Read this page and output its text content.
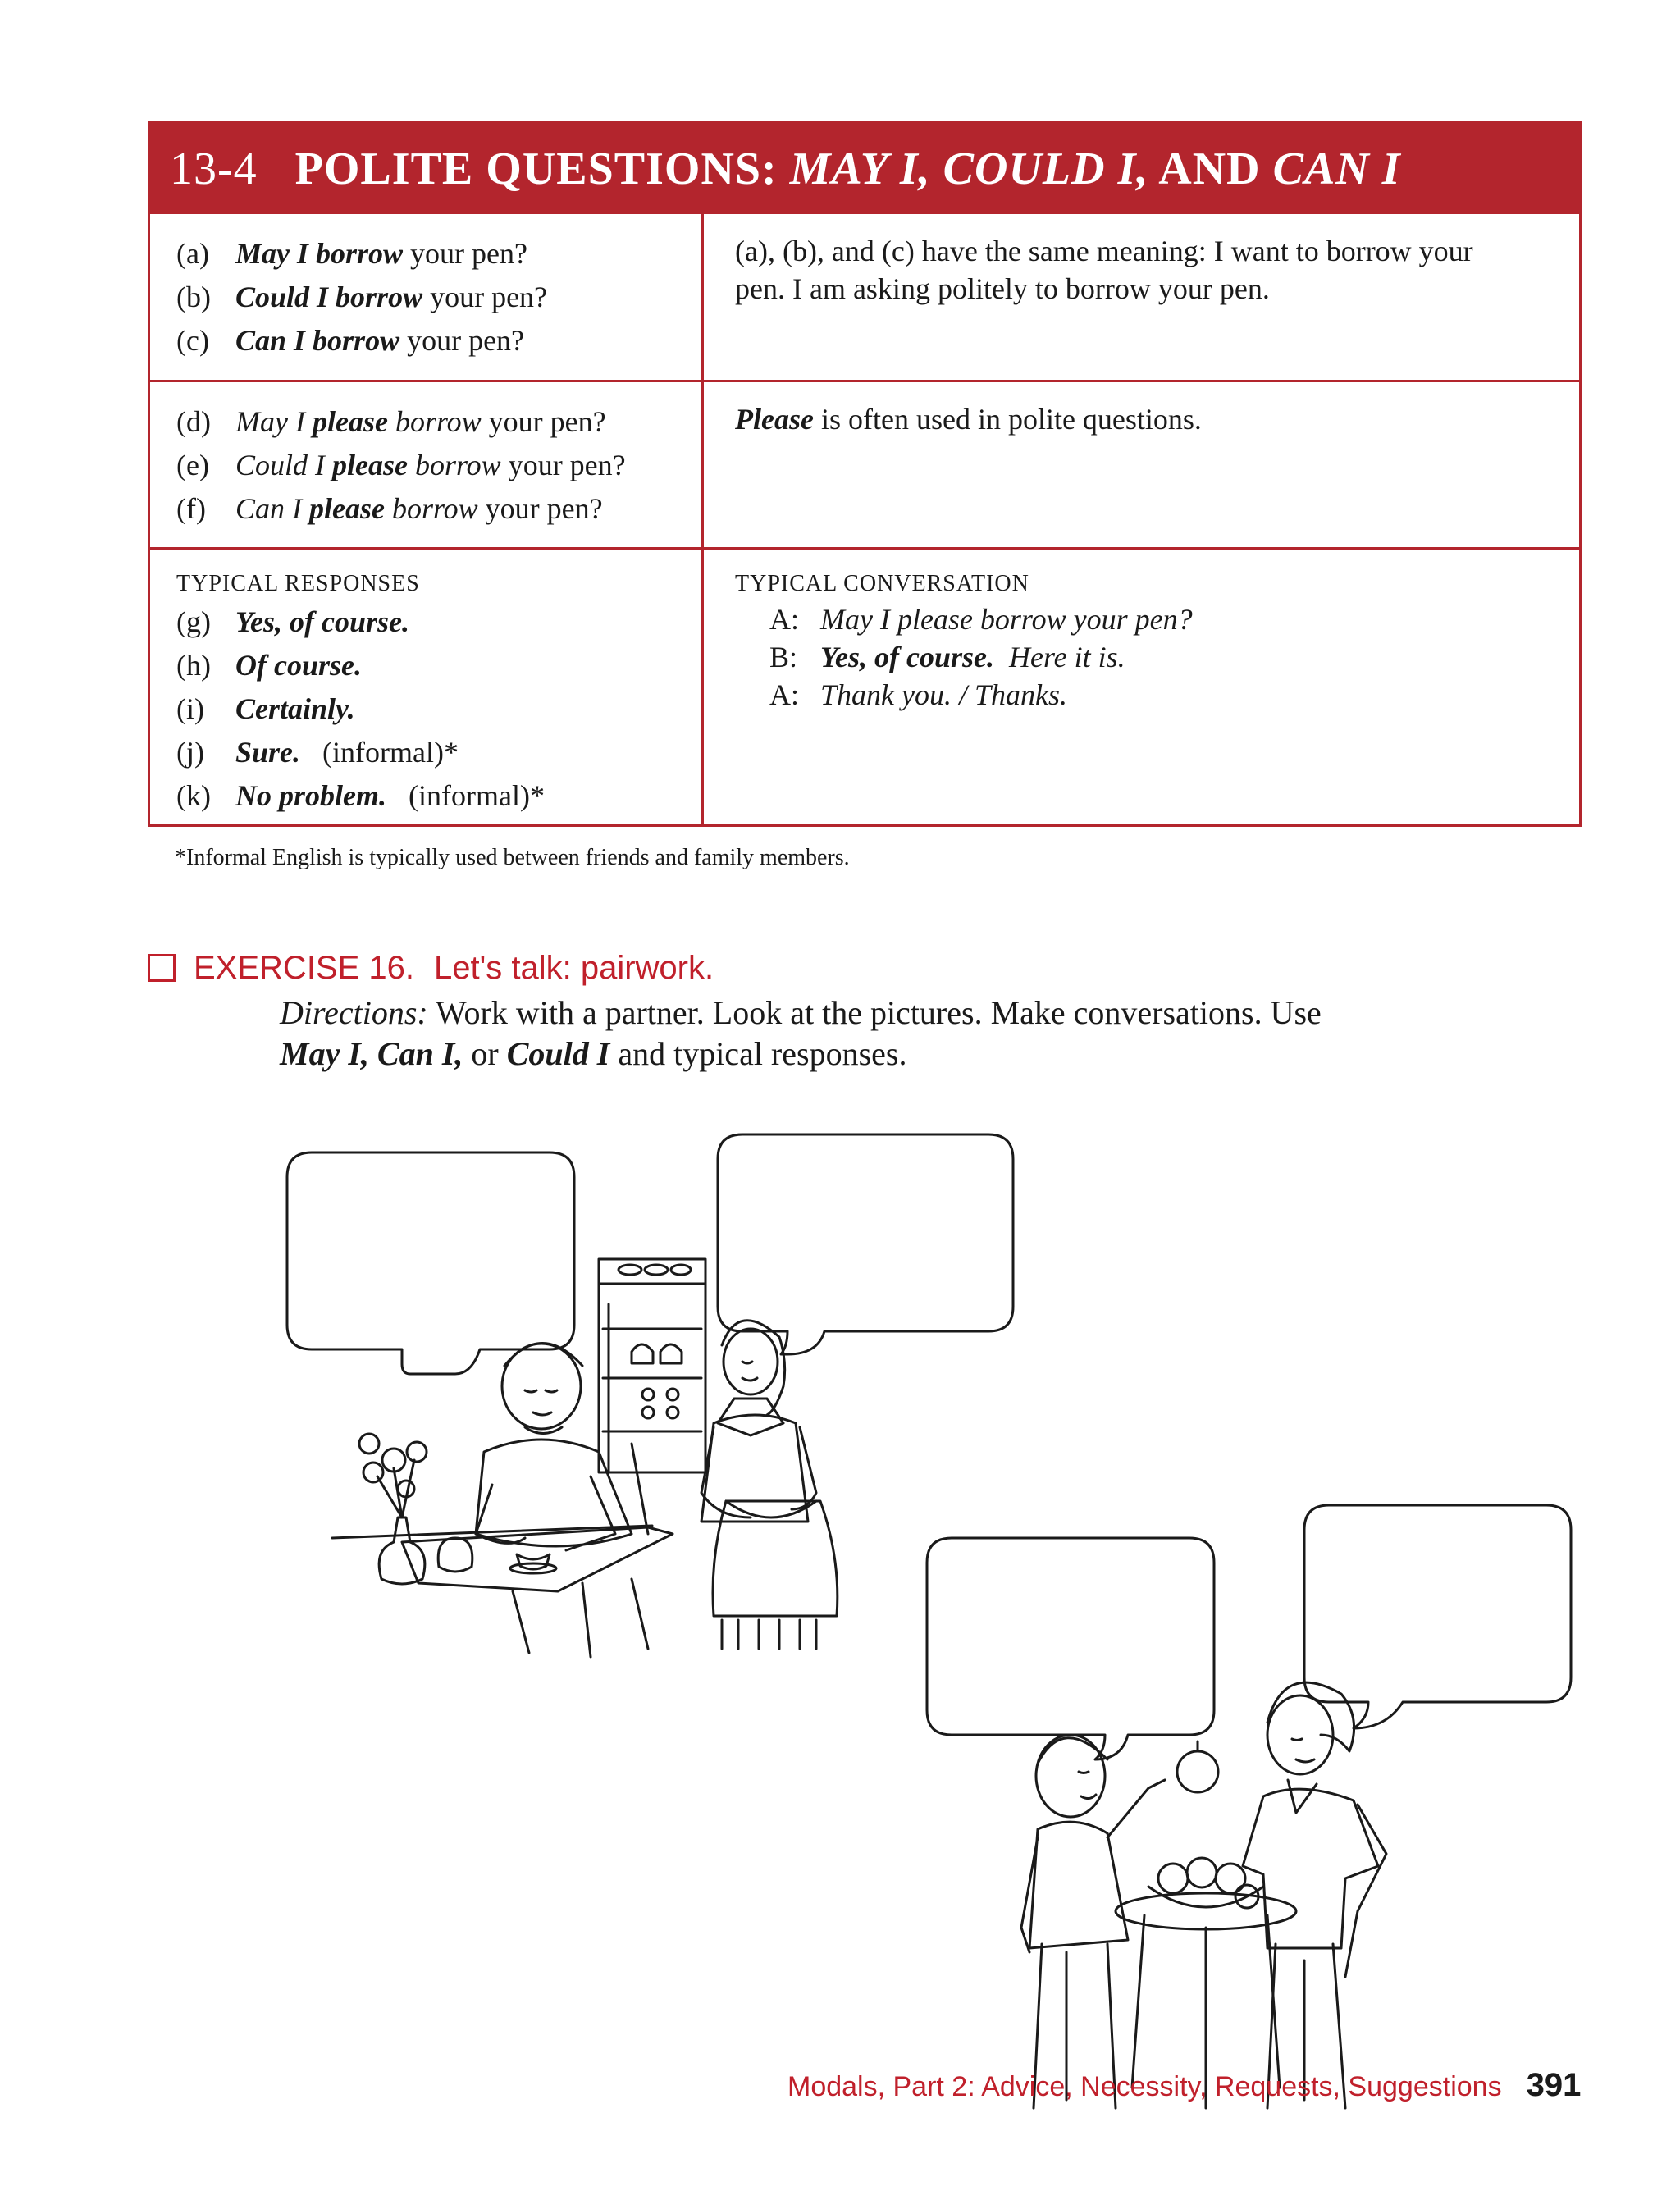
13-4 POLITE QUESTIONS: MAY I, COULD I, AND CAN I
(a) May I borrow your pen?
(b) Could I borrow your pen?
(c) Can I borrow your pen?
(a), (b), and (c) have the same meaning: I want to borrow your pen. I am asking politely to borrow your pen.
(d) May I please borrow your pen?
(e) Could I please borrow your pen?
(f) Can I please borrow your pen?
Please is often used in polite questions.
TYPICAL RESPONSES
(g) Yes, of course.
(h) Of course.
(i) Certainly.
(j) Sure. (informal)*
(k) No problem. (informal)*
TYPICAL CONVERSATION
A: May I please borrow your pen?
B: Yes, of course. Here it is.
A: Thank you. / Thanks.
*Informal English is typically used between friends and family members.
EXERCISE 16. Let's talk: pairwork.
Directions: Work with a partner. Look at the pictures. Make conversations. Use
May I, Can I, or Could I and typical responses.
Modals, Part 2: Advice, Necessity, Requests, Suggestions 391
